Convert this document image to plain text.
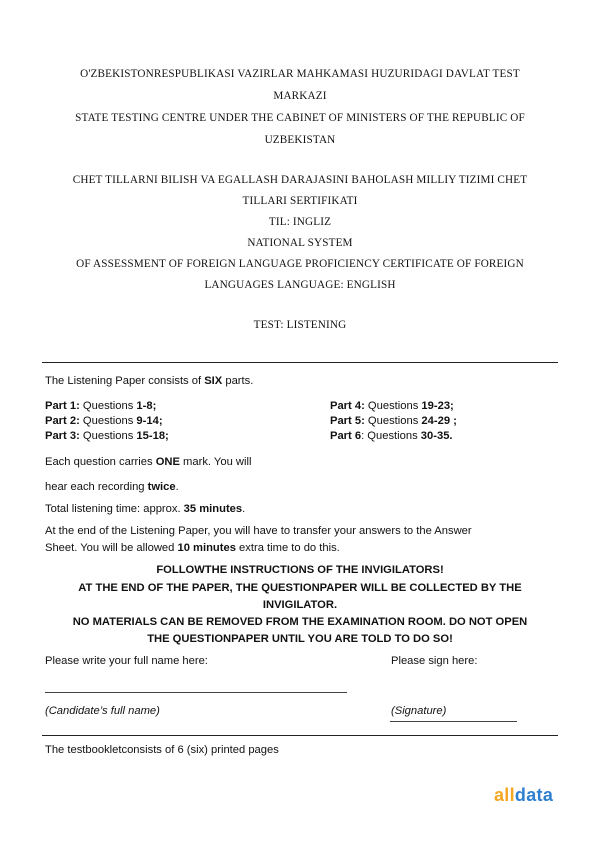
O'ZBEKISTONRESPUBLIKASI VAZIRLAR MAHKAMASI HUZURIDAGI DAVLAT TEST
MARKAZI
STATE TESTING CENTRE UNDER THE CABINET OF MINISTERS OF THE REPUBLIC OF
UZBEKISTAN
CHET TILLARNI BILISH VA EGALLASH DARAJASINI BAHOLASH MILLIY TIZIMI CHET
TILLARI SERTIFIKATI
TIL: INGLIZ
NATIONAL SYSTEM
OF ASSESSMENT OF FOREIGN LANGUAGE PROFICIENCY CERTIFICATE OF FOREIGN
LANGUAGES LANGUAGE: ENGLISH
TEST: LISTENING
The Listening Paper consists of SIX parts.
Part 1: Questions 1-8;
Part 2: Questions 9-14;
Part 3: Questions 15-18;
Part 4: Questions 19-23;
Part 5: Questions 24-29 ;
Part 6: Questions 30-35.
Each question carries ONE mark. You will
hear each recording twice.
Total listening time: approx. 35 minutes.
At the end of the Listening Paper, you will have to transfer your answers to the Answer
Sheet. You will be allowed 10 minutes extra time to do this.
FOLLOWTHE INSTRUCTIONS OF THE INVIGILATORS!
AT THE END OF THE PAPER, THE QUESTIONPAPER WILL BE COLLECTED BY THE
INVIGILATOR.
NO MATERIALS CAN BE REMOVED FROM THE EXAMINATION ROOM. DO NOT OPEN
THE QUESTIONPAPER UNTIL YOU ARE TOLD TO DO SO!
Please write your full name here:	Please sign here:
(Candidate’s full name)	(Signature)
The testbookletconsists of 6 (six) printed pages
alldata
